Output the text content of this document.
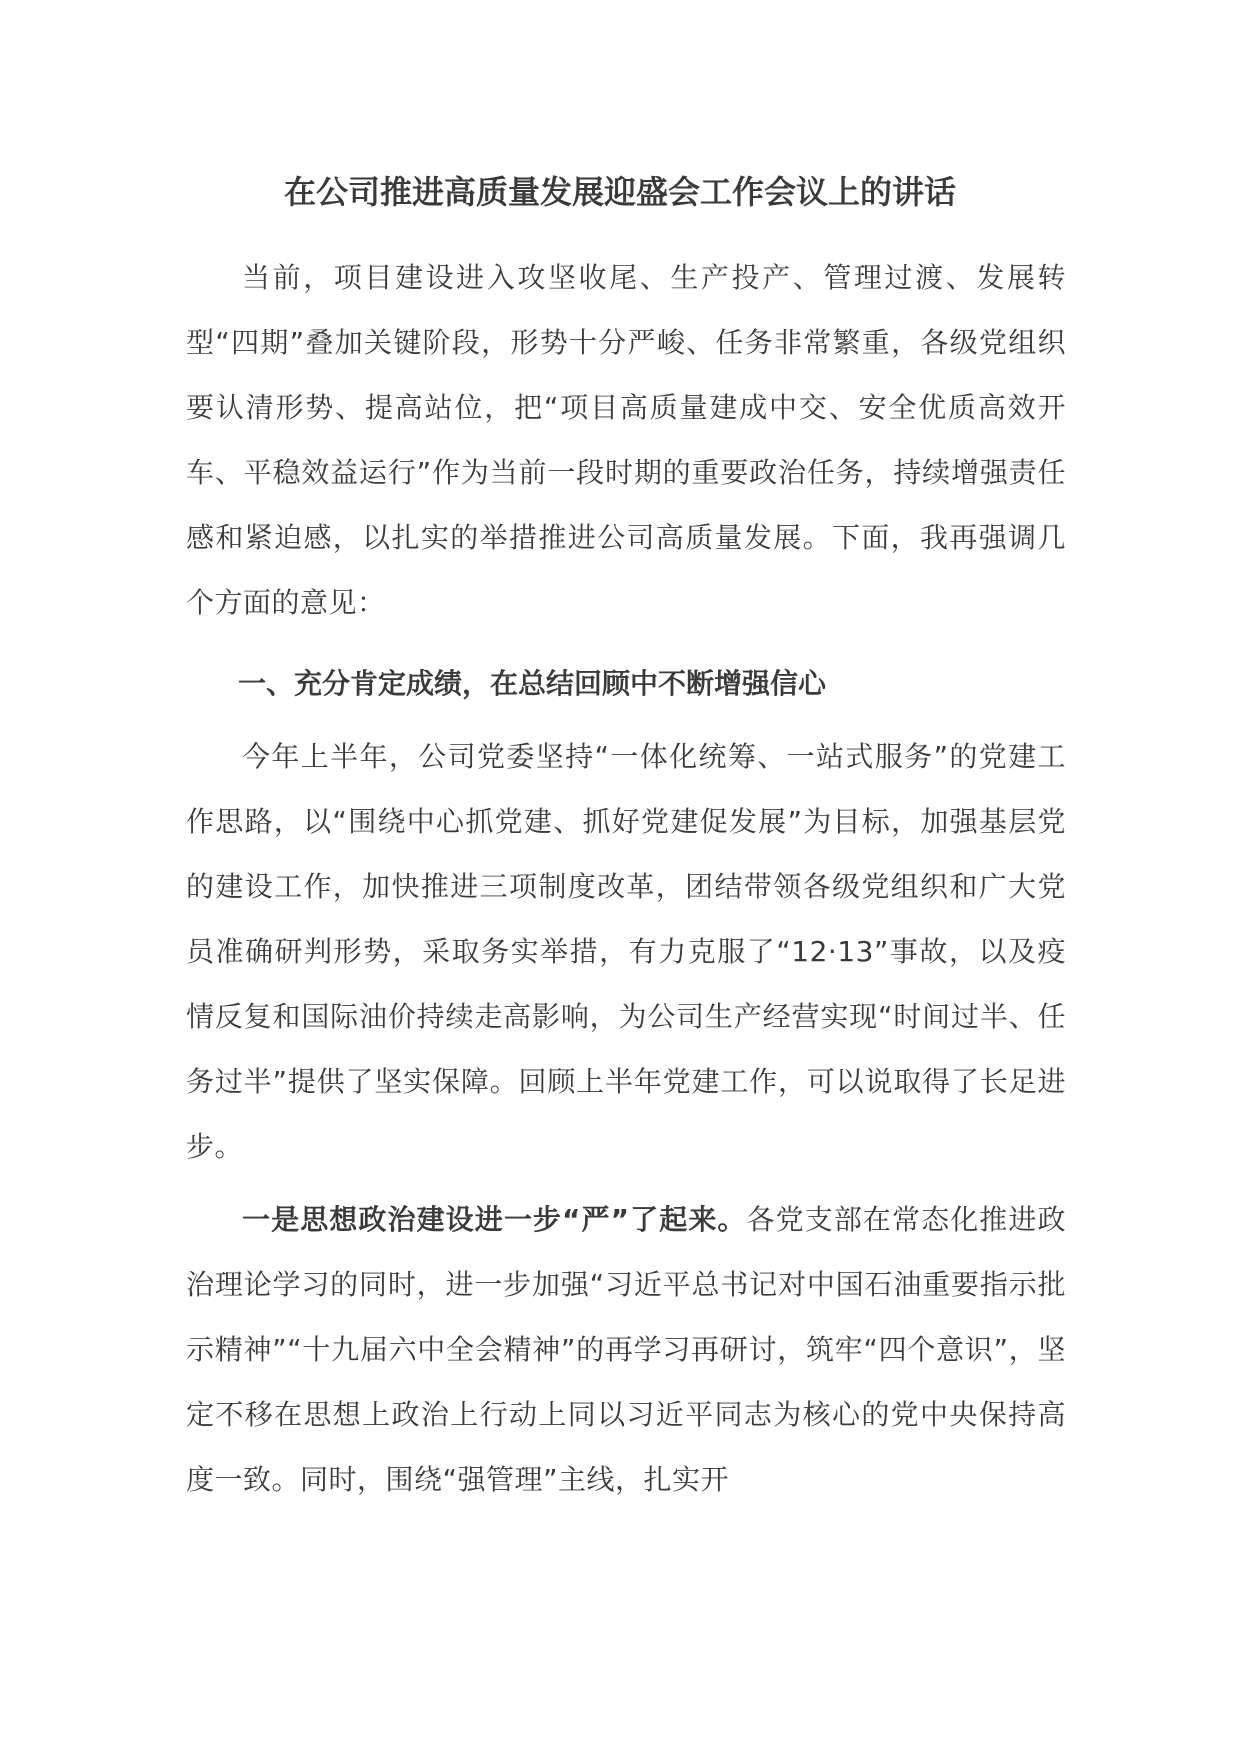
在公司推进高质量发展迎盛会工作会议上的讲话

当前，项目建设进入攻坚收尾、生产投产、管理过渡、发展转型“四期”叠加关键阶段，形势十分严峻、任务非常繁重，各级党组织要认清形势、提高站位，把“项目高质量建成中交、安全优质高效开车、平稳效益运行”作为当前一段时期的重要政治任务，持续增强责任感和紧迫感，以扎实的举措推进公司高质量发展。下面，我再强调几个方面的意见：

一、充分肯定成绩，在总结回顾中不断增强信心

今年上半年，公司党委坚持“一体化统筹、一站式服务”的党建工作思路，以“围绕中心抓党建、抓好党建促发展”为目标，加强基层党的建设工作，加快推进三项制度改革，团结带领各级党组织和广大党员准确研判形势，采取务实举措，有力克服了“12·13”事故，以及疫情反复和国际油价持续走高影响，为公司生产经营实现“时间过半、任务过半”提供了坚实保障。回顾上半年党建工作，可以说取得了长足进步。

一是思想政治建设进一步“严”了起来。各党支部在常态化推进政治理论学习的同时，进一步加强“习近平总书记对中国石油重要指示批示精神”“十九届六中全会精神”的再学习再研讨，筑牢“四个意识”，坚定不移在思想上政治上行动上同以习近平同志为核心的党中央保持高度一致。同时，围绕“强管理”主线，扎实开
